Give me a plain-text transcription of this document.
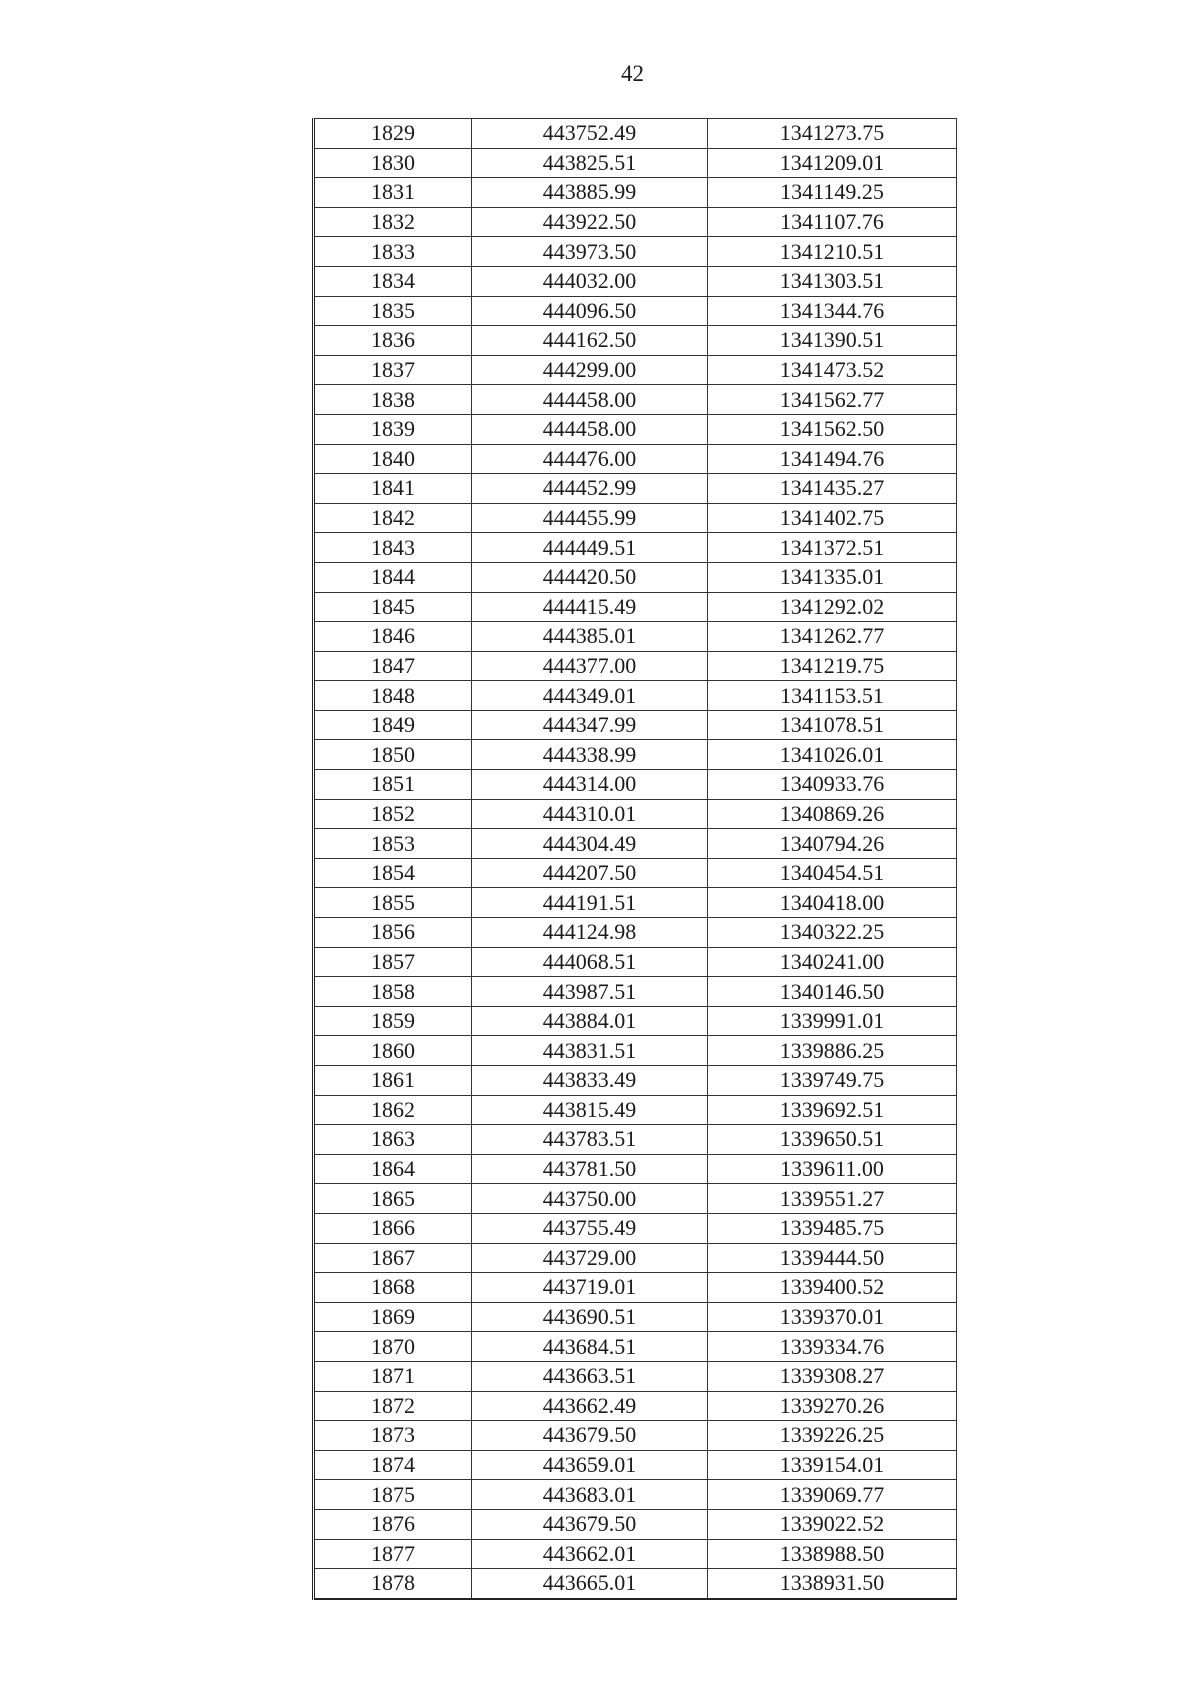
42
1829	443752.49	1341273.75
1830	443825.51	1341209.01
1831	443885.99	1341149.25
1832	443922.50	1341107.76
1833	443973.50	1341210.51
1834	444032.00	1341303.51
1835	444096.50	1341344.76
1836	444162.50	1341390.51
1837	444299.00	1341473.52
1838	444458.00	1341562.77
1839	444458.00	1341562.50
1840	444476.00	1341494.76
1841	444452.99	1341435.27
1842	444455.99	1341402.75
1843	444449.51	1341372.51
1844	444420.50	1341335.01
1845	444415.49	1341292.02
1846	444385.01	1341262.77
1847	444377.00	1341219.75
1848	444349.01	1341153.51
1849	444347.99	1341078.51
1850	444338.99	1341026.01
1851	444314.00	1340933.76
1852	444310.01	1340869.26
1853	444304.49	1340794.26
1854	444207.50	1340454.51
1855	444191.51	1340418.00
1856	444124.98	1340322.25
1857	444068.51	1340241.00
1858	443987.51	1340146.50
1859	443884.01	1339991.01
1860	443831.51	1339886.25
1861	443833.49	1339749.75
1862	443815.49	1339692.51
1863	443783.51	1339650.51
1864	443781.50	1339611.00
1865	443750.00	1339551.27
1866	443755.49	1339485.75
1867	443729.00	1339444.50
1868	443719.01	1339400.52
1869	443690.51	1339370.01
1870	443684.51	1339334.76
1871	443663.51	1339308.27
1872	443662.49	1339270.26
1873	443679.50	1339226.25
1874	443659.01	1339154.01
1875	443683.01	1339069.77
1876	443679.50	1339022.52
1877	443662.01	1338988.50
1878	443665.01	1338931.50
